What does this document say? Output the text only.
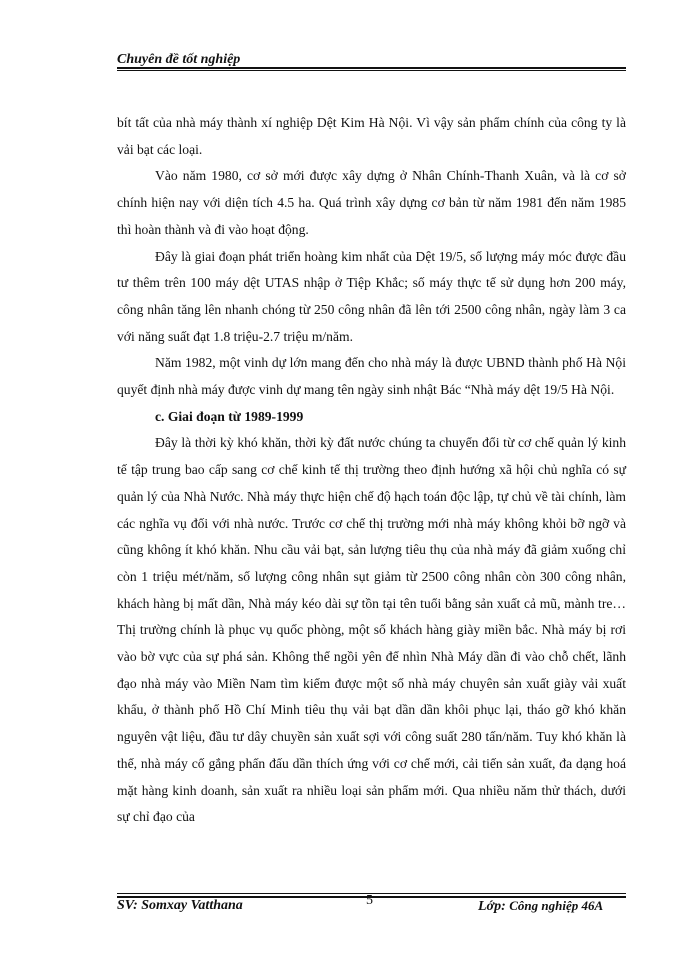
Chuyên đề tốt nghiệp

bít tất của nhà máy thành xí nghiệp Dệt Kim Hà Nội. Vì vậy sản phẩm chính của công ty là vải bạt các loại.

Vào năm 1980, cơ sở mới được xây dựng ở Nhân Chính-Thanh Xuân, và là cơ sở chính hiện nay với diện tích 4.5 ha. Quá trình xây dựng cơ bản từ năm 1981 đến năm 1985 thì hoàn thành và đi vào hoạt động.

Đây là giai đoạn phát triển hoàng kim nhất của Dệt 19/5, số lượng máy móc được đầu tư thêm trên 100 máy dệt UTAS nhập ở Tiệp Khắc; số máy thực tế sử dụng hơn 200 máy, công nhân tăng lên nhanh chóng từ 250 công nhân đã lên tới 2500 công nhân, ngày làm 3 ca với năng suất đạt 1.8 triệu-2.7 triệu m/năm.

Năm 1982, một vinh dự lớn mang đến cho nhà máy là được UBND thành phố Hà Nội quyết định nhà máy được vinh dự mang tên ngày sinh nhật Bác “Nhà máy dệt 19/5 Hà Nội.

c. Giai đoạn từ 1989-1999

Đây là thời kỳ khó khăn, thời kỳ đất nước chúng ta chuyển đổi từ cơ chế quản lý kinh tế tập trung bao cấp sang cơ chế kinh tế thị trường theo định hướng xã hội chủ nghĩa có sự quản lý của Nhà Nước. Nhà máy thực hiện chế độ hạch toán độc lập, tự chủ về tài chính, làm các nghĩa vụ đối với nhà nước. Trước cơ chế thị trường mới nhà máy không khỏi bỡ ngỡ và cũng không ít khó khăn. Nhu cầu vải bạt, sản lượng tiêu thụ của nhà máy đã giảm xuống chỉ còn 1 triệu mét/năm, số lượng công nhân sụt giảm từ 2500 công nhân còn 300 công nhân, khách hàng bị mất dần, Nhà máy kéo dài sự tồn tại tên tuổi bằng sản xuất cả mũ, mành tre…Thị trường chính là phục vụ quốc phòng, một số khách hàng giày miền bắc. Nhà máy bị rơi vào bờ vực của sự phá sản. Không thể ngồi yên để nhìn Nhà Máy dần đi vào chỗ chết, lãnh đạo nhà máy vào Miền Nam tìm kiếm được một số nhà máy chuyên sản xuất giày vải xuất khẩu, ở thành phố Hồ Chí Minh tiêu thụ vải bạt dần dần khôi phục lại, tháo gỡ khó khăn nguyên vật liệu, đầu tư dây chuyền sản xuất sợi với công suất 280 tấn/năm. Tuy khó khăn là thế, nhà máy cố gắng phấn đấu dần thích ứng với cơ chế mới, cải tiến sản xuất, đa dạng hoá mặt hàng kinh doanh, sản xuất ra nhiều loại sản phẩm mới. Qua nhiều năm thử thách, dưới sự chỉ đạo của

SV: Somxay Vatthana	5	Lớp: Công nghiệp 46A
